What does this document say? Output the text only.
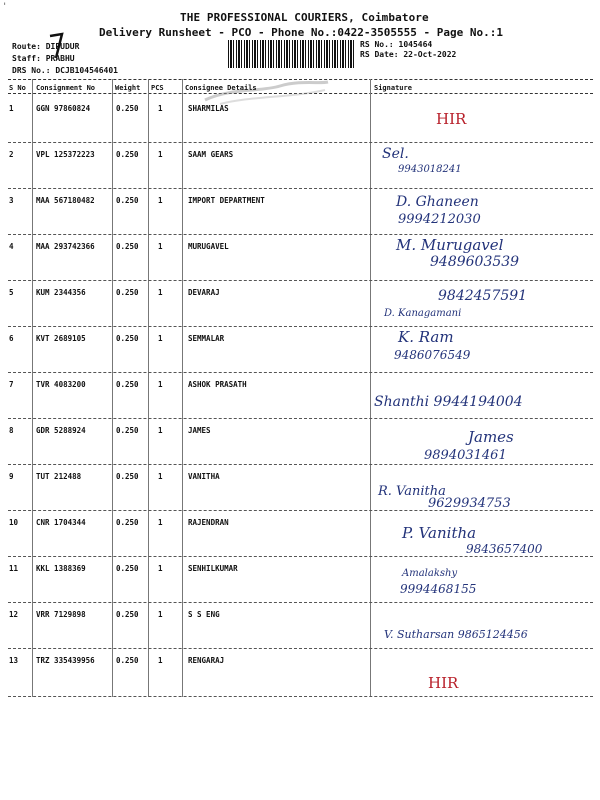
'
THE PROFESSIONAL COURIERS, Coimbatore
Delivery Runsheet - PCO - Phone No.:0422-3505555 - Page No.:1
Route: DIPUDUR
Staff: PRABHU
DRS No.: DCJB104546401
RS No.: 1045464
RS Date: 22-Oct-2022
S No Consignment No	Weight PCS	Consignee Details	Signature
1	GGN 97860824	0.250	1	SHARMILAS
HIR
2	VPL 125372223	0.250	1	SAAM GEARS	Sel.
9943018241
3	MAA 567180482	0.250	1	IMPORT DEPARTMENT	D. Ghaneen
9994212030
4	MAA 293742366	0.250	1	MURUGAVEL	M. Murugavel
9489603539
5	KUM 2344356	0.250	1	DEVARAJ	9842457591
D. Kanagamani
6	KVT 2689105	0.250	1	SEMMALAR	K. Ram
9486076549
7	TVR 4083200	0.250	1	ASHOK PRASATH
Shanthi 9944194004
8	GDR 5288924	0.250	1	JAMES	James
9894031461
9	TUT 212488	0.250	1	VANITHA
R. Vanitha
9629934753
10 CNR 1704344	0.250	1	RAJENDRAN
P. Vanitha
9843657400
11 KKL 1388369	0.250	1	SENHILKUMAR	Amalakshy
9994468155
12 VRR 7129898	0.250	1	S S ENG
V. Sutharsan 9865124456
13 TRZ 335439956	0.250	1	RENGARAJ
HIR
